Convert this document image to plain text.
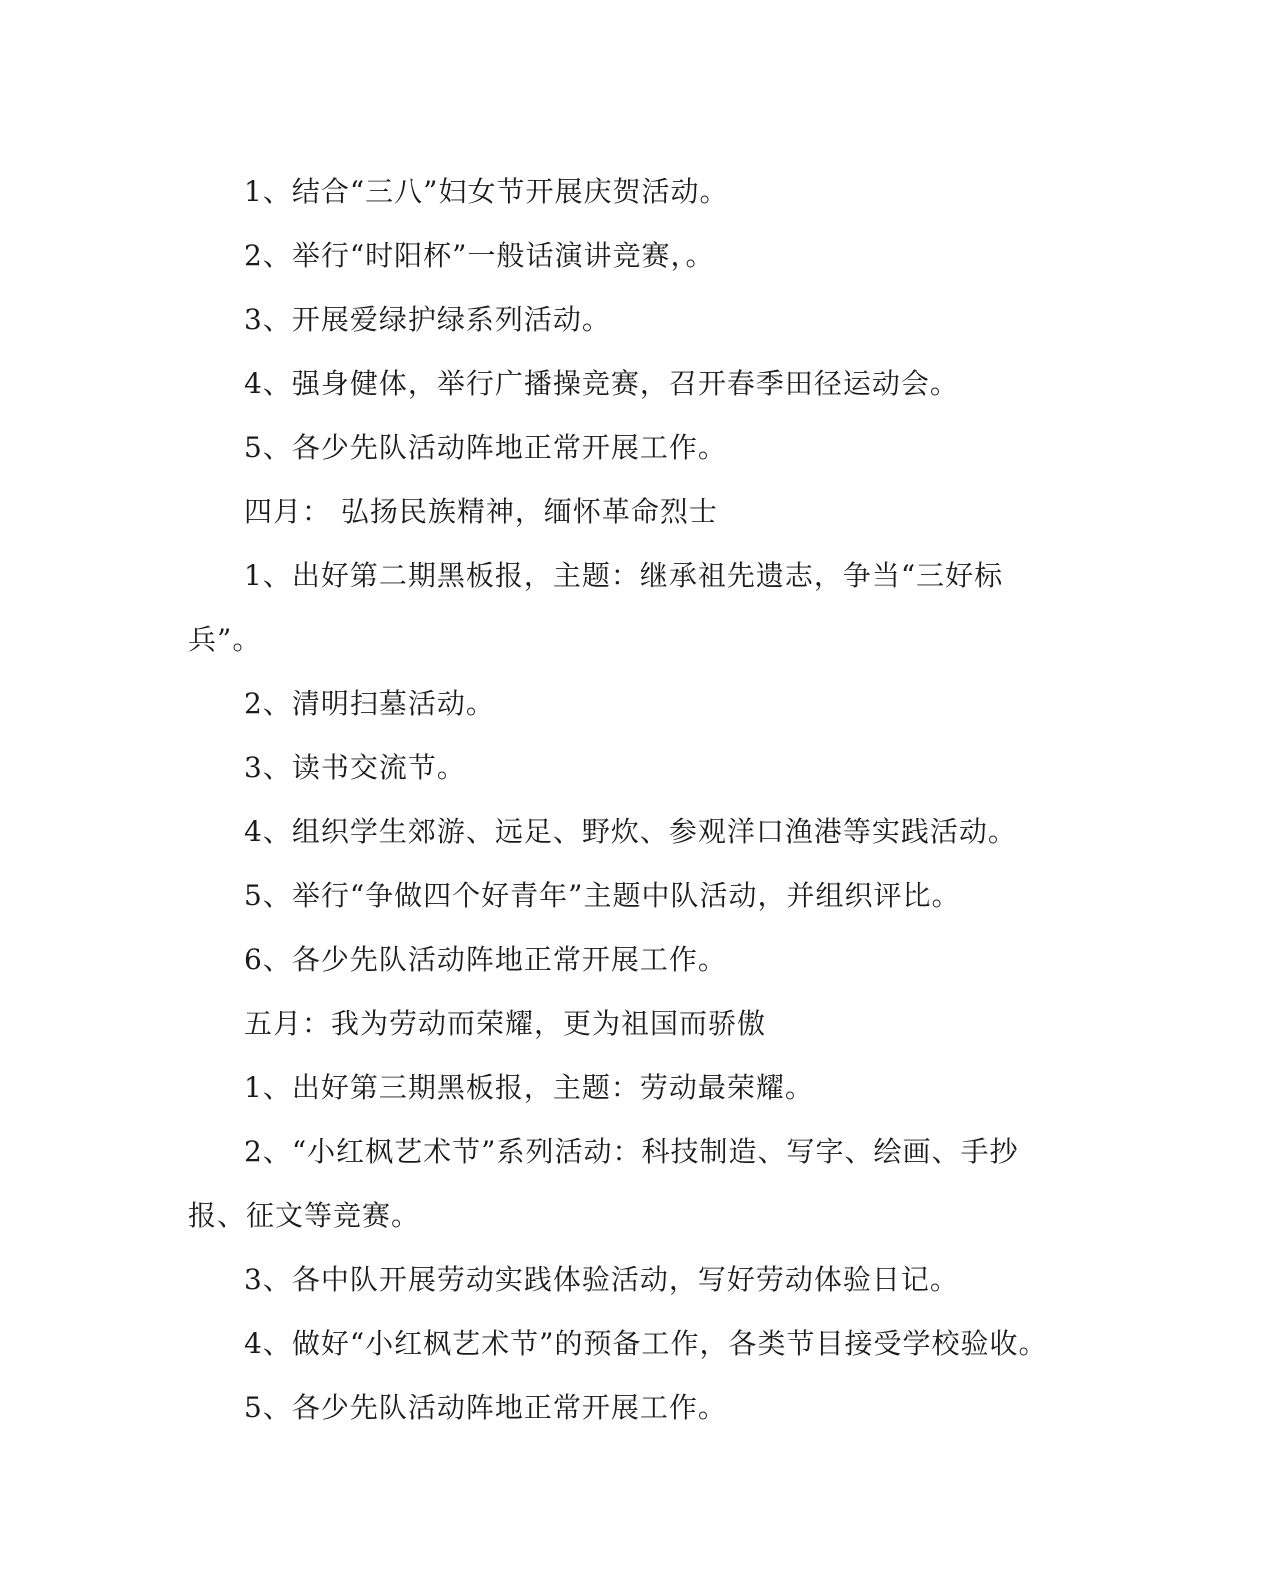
1、结合“三八”妇女节开展庆贺活动。

2、举行“时阳杯”一般话演讲竞赛，。

3、开展爱绿护绿系列活动。

4、强身健体，举行广播操竞赛，召开春季田径运动会。

5、各少先队活动阵地正常开展工作。

四月： 弘扬民族精神，缅怀革命烈士

1、出好第二期黑板报，主题：继承祖先遗志，争当“三好标兵”。

2、清明扫墓活动。

3、读书交流节。

4、组织学生郊游、远足、野炊、参观洋口渔港等实践活动。

5、举行“争做四个好青年”主题中队活动，并组织评比。

6、各少先队活动阵地正常开展工作。

五月：我为劳动而荣耀，更为祖国而骄傲

1、出好第三期黑板报，主题：劳动最荣耀。

2、“小红枫艺术节”系列活动：科技制造、写字、绘画、手抄报、征文等竞赛。

3、各中队开展劳动实践体验活动，写好劳动体验日记。

4、做好“小红枫艺术节”的预备工作，各类节目接受学校验收。

5、各少先队活动阵地正常开展工作。
